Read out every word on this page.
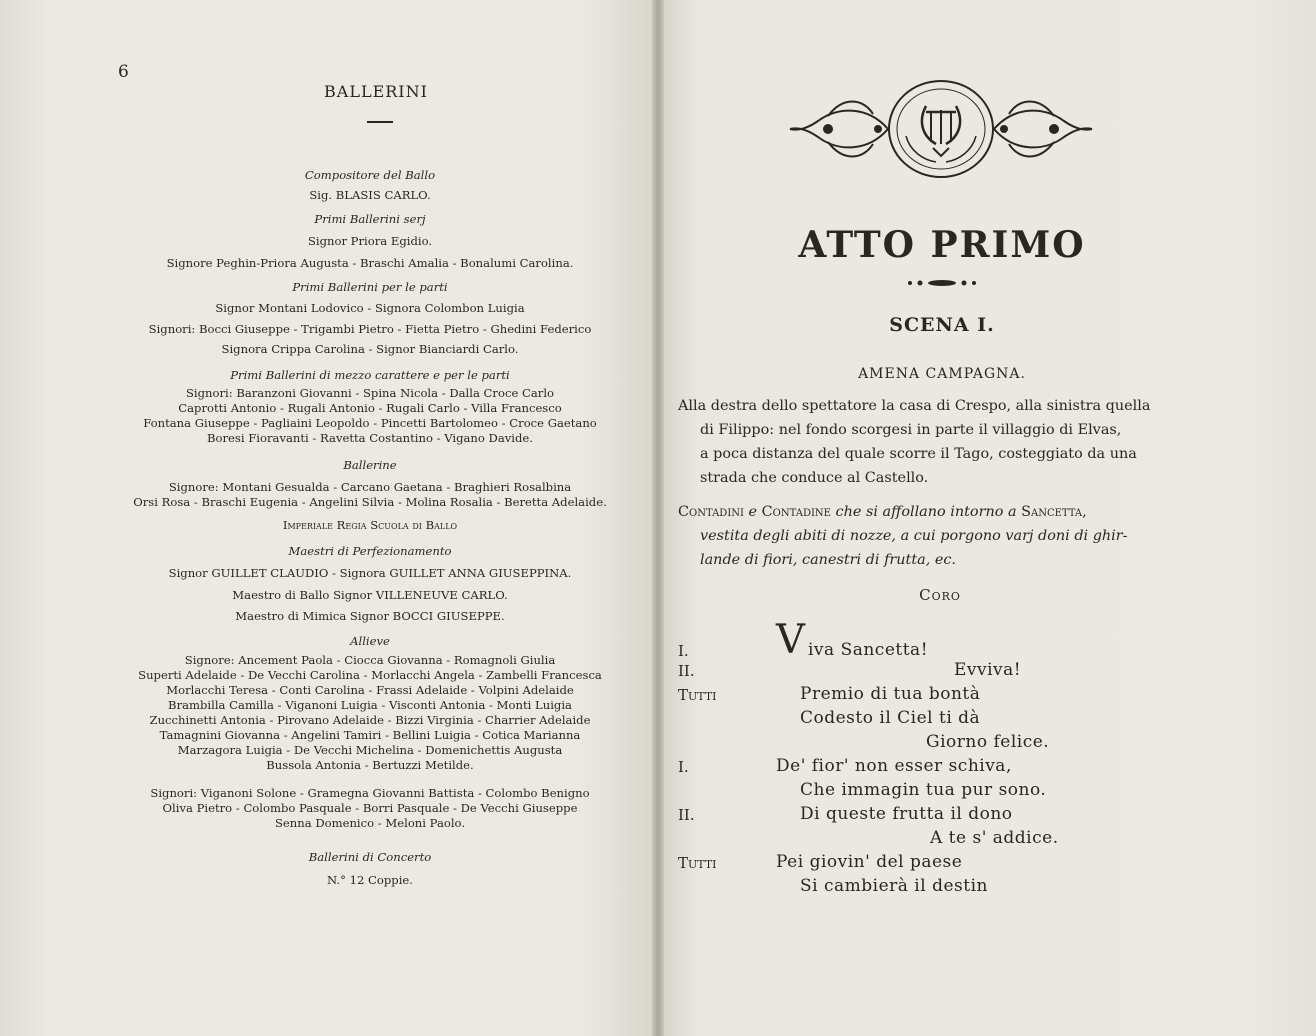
6
BALLERINI
Compositore del Ballo
Sig. BLASIS CARLO.
Primi Ballerini serj
Signor Priora Egidio.
Signore Peghin-Priora Augusta - Braschi Amalia - Bonalumi Carolina.
Primi Ballerini per le parti
Signor Montani Lodovico - Signora Colombon Luigia
Signori: Bocci Giuseppe - Trigambi Pietro - Fietta Pietro - Ghedini Federico
Signora Crippa Carolina - Signor Bianciardi Carlo.
Primi Ballerini di mezzo carattere e per le parti
Signori: Baranzoni Giovanni - Spina Nicola - Dalla Croce Carlo
Caprotti Antonio - Rugali Antonio - Rugali Carlo - Villa Francesco
Fontana Giuseppe - Pagliaini Leopoldo - Pincetti Bartolomeo - Croce Gaetano
Boresi Fioravanti - Ravetta Costantino - Vigano Davide.
Ballerine
Signore: Montani Gesualda - Carcano Gaetana - Braghieri Rosalbina
Orsi Rosa - Braschi Eugenia - Angelini Silvia - Molina Rosalia - Beretta Adelaide.
Imperiale Regia Scuola di Ballo
Maestri di Perfezionamento
Signor GUILLET CLAUDIO - Signora GUILLET ANNA GIUSEPPINA.
Maestro di Ballo Signor VILLENEUVE CARLO.
Maestro di Mimica Signor BOCCI GIUSEPPE.
Allieve
Signore: Ancement Paola - Ciocca Giovanna - Romagnoli Giulia
Superti Adelaide - De Vecchi Carolina - Morlacchi Angela - Zambelli Francesca
Morlacchi Teresa - Conti Carolina - Frassi Adelaide - Volpini Adelaide
Brambilla Camilla - Viganoni Luigia - Visconti Antonia - Monti Luigia
Zucchinetti Antonia - Pirovano Adelaide - Bizzi Virginia - Charrier Adelaide
Tamagnini Giovanna - Angelini Tamiri - Bellini Luigia - Cotica Marianna
Marzagora Luigia - De Vecchi Michelina - Domenichettis Augusta
Bussola Antonia - Bertuzzi Metilde.
Signori: Viganoni Solone - Gramegna Giovanni Battista - Colombo Benigno
Oliva Pietro - Colombo Pasquale - Borri Pasquale - De Vecchi Giuseppe
Senna Domenico - Meloni Paolo.
Ballerini di Concerto
N.° 12 Coppie.
ATTO PRIMO
SCENA I.
AMENA CAMPAGNA.
Alla destra dello spettatore la casa di Crespo, alla sinistra quella
di Filippo: nel fondo scorgesi in parte il villaggio di Elvas,
a poca distanza del quale scorre il Tago, costeggiato da una
strada che conduce al Castello.
Contadini e Contadine che si affollano intorno a Sancetta,
vestita degli abiti di nozze, a cui porgono varj doni di ghir-
lande di fiori, canestri di frutta, ec.
Coro
I. V iva Sancetta!
II.	Evviva!
Tutti	Premio di tua bontà
Codesto il Ciel ti dà
Giorno felice.
I.	De' fior' non esser schiva,
Che immagin tua pur sono.
II.	Di queste frutta il dono
A te s' addice.
Tutti	Pei giovin' del paese
Si cambierà il destin
